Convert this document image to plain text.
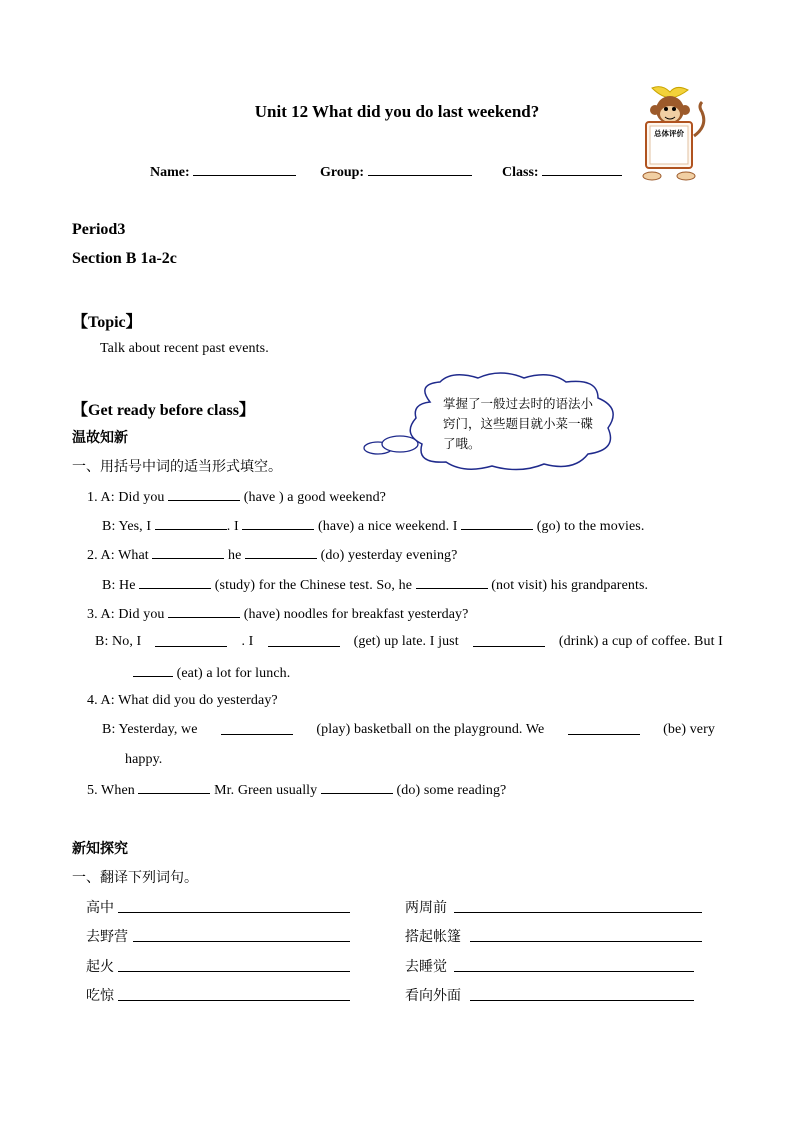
Unit 12 What did you do last weekend?
总体评价
Name:	Group:	Class:
Period3
Section B 1a-2c
【Topic】
Talk about recent past events.
【Get ready before class】
温故知新
一、用括号中词的适当形式填空。
掌握了一般过去时的语法小窍门，这些题目就小菜一碟了哦。
1. A: Did you	(have ) a good weekend?
B: Yes, I	. I	(have) a nice weekend. I	(go) to the movies.
2. A: What	he	(do) yesterday evening?
B: He	(study) for the Chinese test. So, he	(not visit) his grandparents.
3. A: Did you	(have) noodles for breakfast yesterday?
B: No, I	. I	(get) up late. I just	(drink) a cup of coffee. But I
(eat) a lot for lunch.
4. A: What did you do yesterday?
B: Yesterday, we	(play) basketball on the playground. We	(be) very
happy.
5. When	Mr. Green usually	(do) some reading?
新知探究
一、翻译下列词句。
高中	两周前
去野营	搭起帐篷
起火	去睡觉
吃惊	看向外面
